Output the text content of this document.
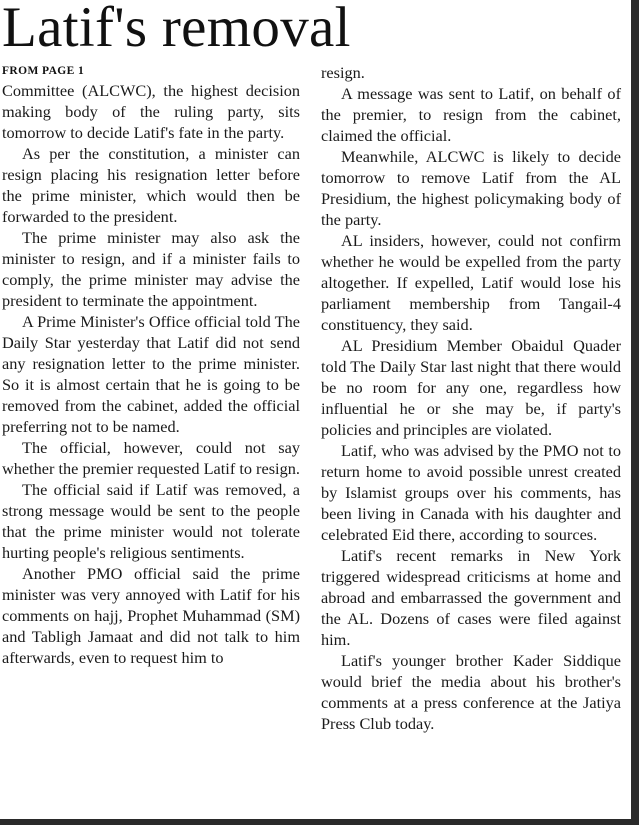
Latif's removal
FROM PAGE 1

Committee (ALCWC), the highest decision making body of the ruling party, sits tomorrow to decide Latif's fate in the party.

As per the constitution, a minister can resign placing his resignation letter before the prime minister, which would then be forwarded to the president.

The prime minister may also ask the minister to resign, and if a minister fails to comply, the prime minister may advise the president to terminate the appointment.

A Prime Minister's Office official told The Daily Star yesterday that Latif did not send any resignation letter to the prime minister. So it is almost certain that he is going to be removed from the cabinet, added the official preferring not to be named.

The official, however, could not say whether the premier requested Latif to resign.

The official said if Latif was removed, a strong message would be sent to the people that the prime minister would not tolerate hurting people's religious sentiments.

Another PMO official said the prime minister was very annoyed with Latif for his comments on hajj, Prophet Muhammad (SM) and Tabligh Jamaat and did not talk to him afterwards, even to request him to

resign.

A message was sent to Latif, on behalf of the premier, to resign from the cabinet, claimed the official.

Meanwhile, ALCWC is likely to decide tomorrow to remove Latif from the AL Presidium, the highest policymaking body of the party.

AL insiders, however, could not confirm whether he would be expelled from the party altogether. If expelled, Latif would lose his parliament membership from Tangail-4 constituency, they said.

AL Presidium Member Obaidul Quader told The Daily Star last night that there would be no room for any one, regardless how influential he or she may be, if party's policies and principles are violated.

Latif, who was advised by the PMO not to return home to avoid possible unrest created by Islamist groups over his comments, has been living in Canada with his daughter and celebrated Eid there, according to sources.

Latif's recent remarks in New York triggered widespread criticisms at home and abroad and embarrassed the government and the AL. Dozens of cases were filed against him.

Latif's younger brother Kader Siddique would brief the media about his brother's comments at a press conference at the Jatiya Press Club today.
